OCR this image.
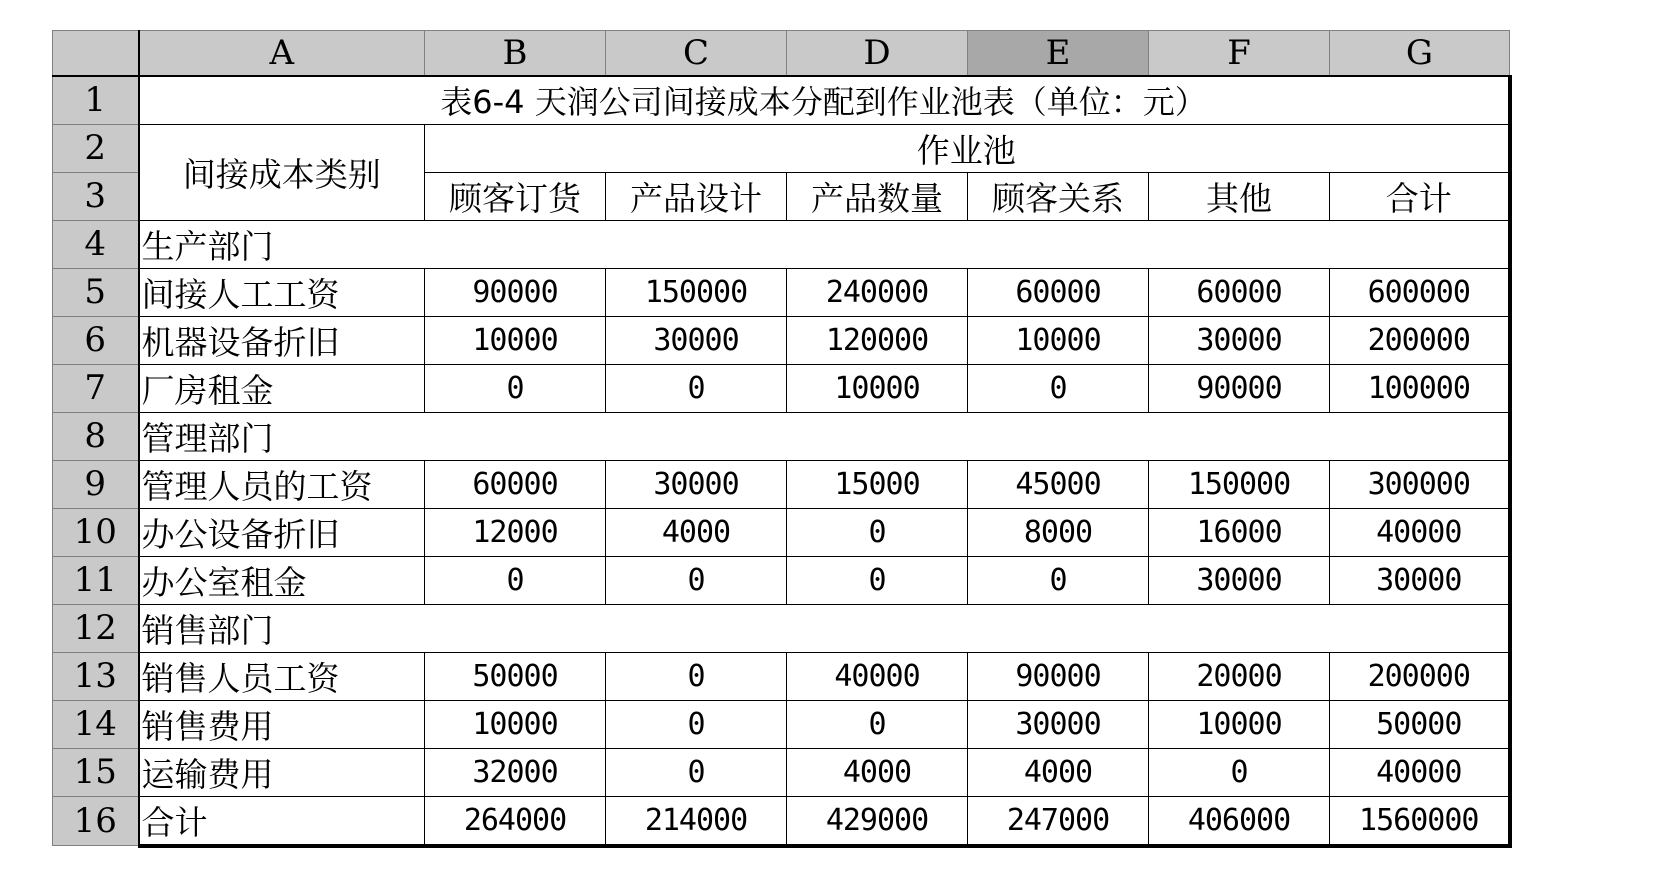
	A	B	C	D	E	F	G
1	表6-4 天润公司间接成本分配到作业池表（单位：元）						
2	间接成本类别	作业池					
3		顾客订货	产品设计	产品数量	顾客关系	其他	合计
4	生产部门						
5	间接人工工资	90000	150000	240000	60000	60000	600000
6	机器设备折旧	10000	30000	120000	10000	30000	200000
7	厂房租金	0	0	10000	0	90000	100000
8	管理部门						
9	管理人员的工资	60000	30000	15000	45000	150000	300000
10	办公设备折旧	12000	4000	0	8000	16000	40000
11	办公室租金	0	0	0	0	30000	30000
12	销售部门						
13	销售人员工资	50000	0	40000	90000	20000	200000
14	销售费用	10000	0	0	30000	10000	50000
15	运输费用	32000	0	4000	4000	0	40000
16	合计	264000	214000	429000	247000	406000	1560000
